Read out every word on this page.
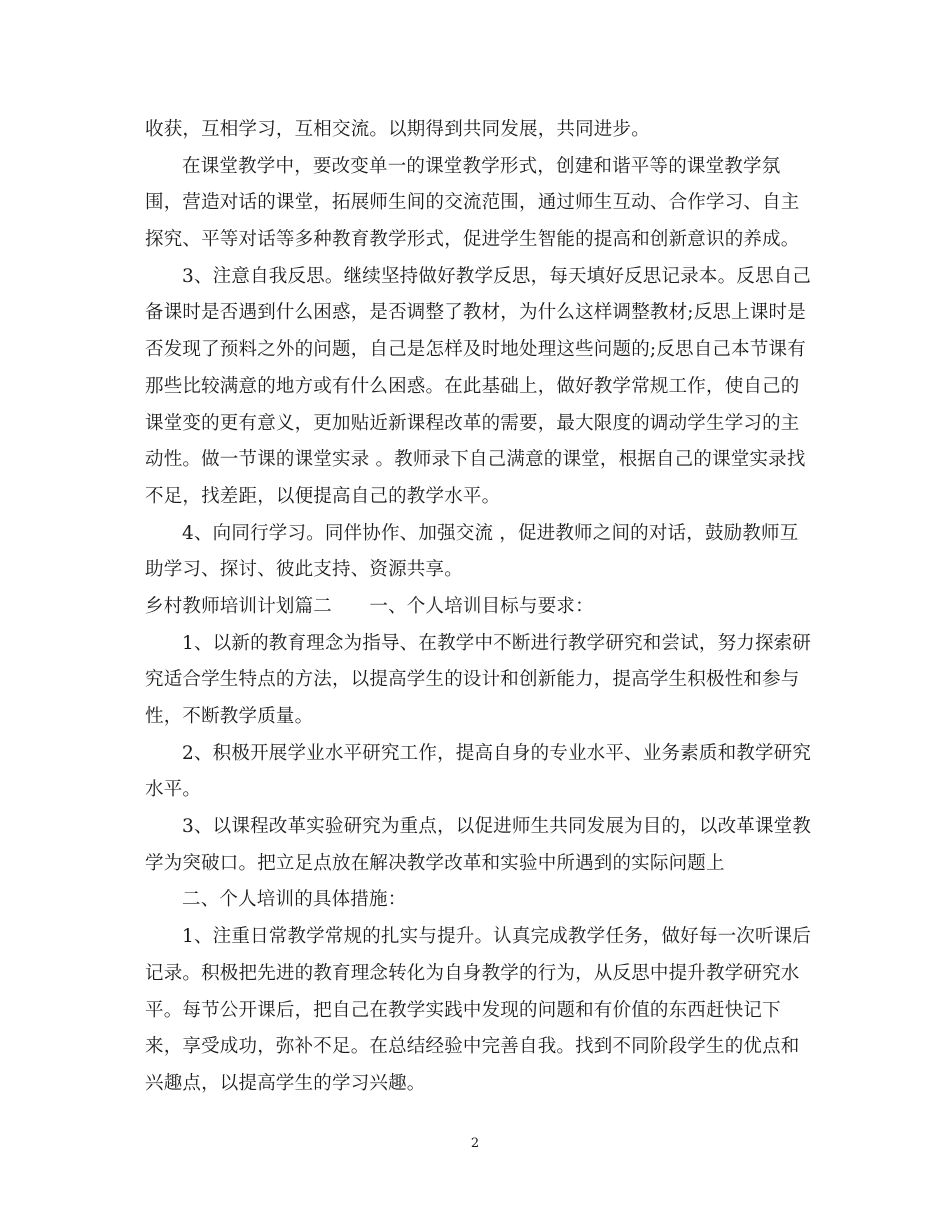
收获，互相学习，互相交流。以期得到共同发展，共同进步。
在课堂教学中，要改变单一的课堂教学形式，创建和谐平等的课堂教学氛
围，营造对话的课堂，拓展师生间的交流范围，通过师生互动、合作学习、自主
探究、平等对话等多种教育教学形式，促进学生智能的提高和创新意识的养成。
3、注意自我反思。继续坚持做好教学反思，每天填好反思记录本。反思自己
备课时是否遇到什么困惑，是否调整了教材，为什么这样调整教材;反思上课时是
否发现了预料之外的问题，自己是怎样及时地处理这些问题的;反思自己本节课有
那些比较满意的地方或有什么困惑。在此基础上，做好教学常规工作，使自己的
课堂变的更有意义，更加贴近新课程改革的需要，最大限度的调动学生学习的主
动性。做一节课的课堂实录 。教师录下自己满意的课堂，根据自己的课堂实录找
不足，找差距，以便提高自己的教学水平。
4、向同行学习。同伴协作、加强交流 ，促进教师之间的对话，鼓励教师互
助学习、探讨、彼此支持、资源共享。
乡村教师培训计划篇二　　一、个人培训目标与要求：
1、以新的教育理念为指导、在教学中不断进行教学研究和尝试，努力探索研
究适合学生特点的方法，以提高学生的设计和创新能力，提高学生积极性和参与
性，不断教学质量。
2、积极开展学业水平研究工作，提高自身的专业水平、业务素质和教学研究
水平。
3、以课程改革实验研究为重点，以促进师生共同发展为目的，以改革课堂教
学为突破口。把立足点放在解决教学改革和实验中所遇到的实际问题上
二、个人培训的具体措施：
1、注重日常教学常规的扎实与提升。认真完成教学任务，做好每一次听课后
记录。积极把先进的教育理念转化为自身教学的行为，从反思中提升教学研究水
平。每节公开课后，把自己在教学实践中发现的问题和有价值的东西赶快记下
来，享受成功，弥补不足。在总结经验中完善自我。找到不同阶段学生的优点和
兴趣点，以提高学生的学习兴趣。
2
